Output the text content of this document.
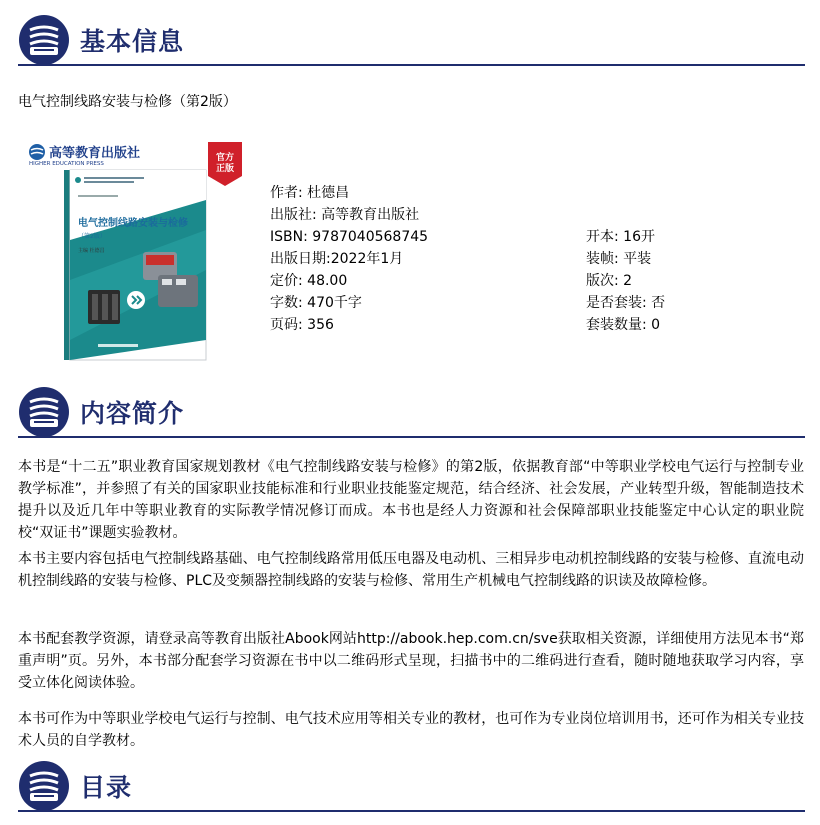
基本信息
电气控制线路安装与检修（第2版）
高等教育出版社
HIGHER EDUCATION PRESS
官方
正版
电气控制线路安装与检修
（第2版）
主编 杜德昌
作者: 杜德昌
出版社: 高等教育出版社
ISBN: 9787040568745
出版日期:2022年1月
定价: 48.00
字数: 470千字
页码: 356
开本: 16开
装帧: 平装
版次: 2
是否套装: 否
套装数量: 0
内容简介
本书是“十二五”职业教育国家规划教材《电气控制线路安装与检修》的第2版，依据教育部“中等职业学校电气运行与控制专业教学标准”，并参照了有关的国家职业技能标准和行业职业技能鉴定规范，结合经济、社会发展，产业转型升级，智能制造技术提升以及近几年中等职业教育的实际教学情况修订而成。本书也是经人力资源和社会保障部职业技能鉴定中心认定的职业院校“双证书”课题实验教材。
本书主要内容包括电气控制线路基础、电气控制线路常用低压电器及电动机、三相异步电动机控制线路的安装与检修、直流电动机控制线路的安装与检修、PLC及变频器控制线路的安装与检修、常用生产机械电气控制线路的识读及故障检修。
本书配套教学资源，请登录高等教育出版社Abook网站http://abook.hep.com.cn/sve获取相关资源，详细使用方法见本书“郑重声明”页。另外，本书部分配套学习资源在书中以二维码形式呈现，扫描书中的二维码进行查看，随时随地获取学习内容，享受立体化阅读体验。
本书可作为中等职业学校电气运行与控制、电气技术应用等相关专业的教材，也可作为专业岗位培训用书，还可作为相关专业技术人员的自学教材。
目录
